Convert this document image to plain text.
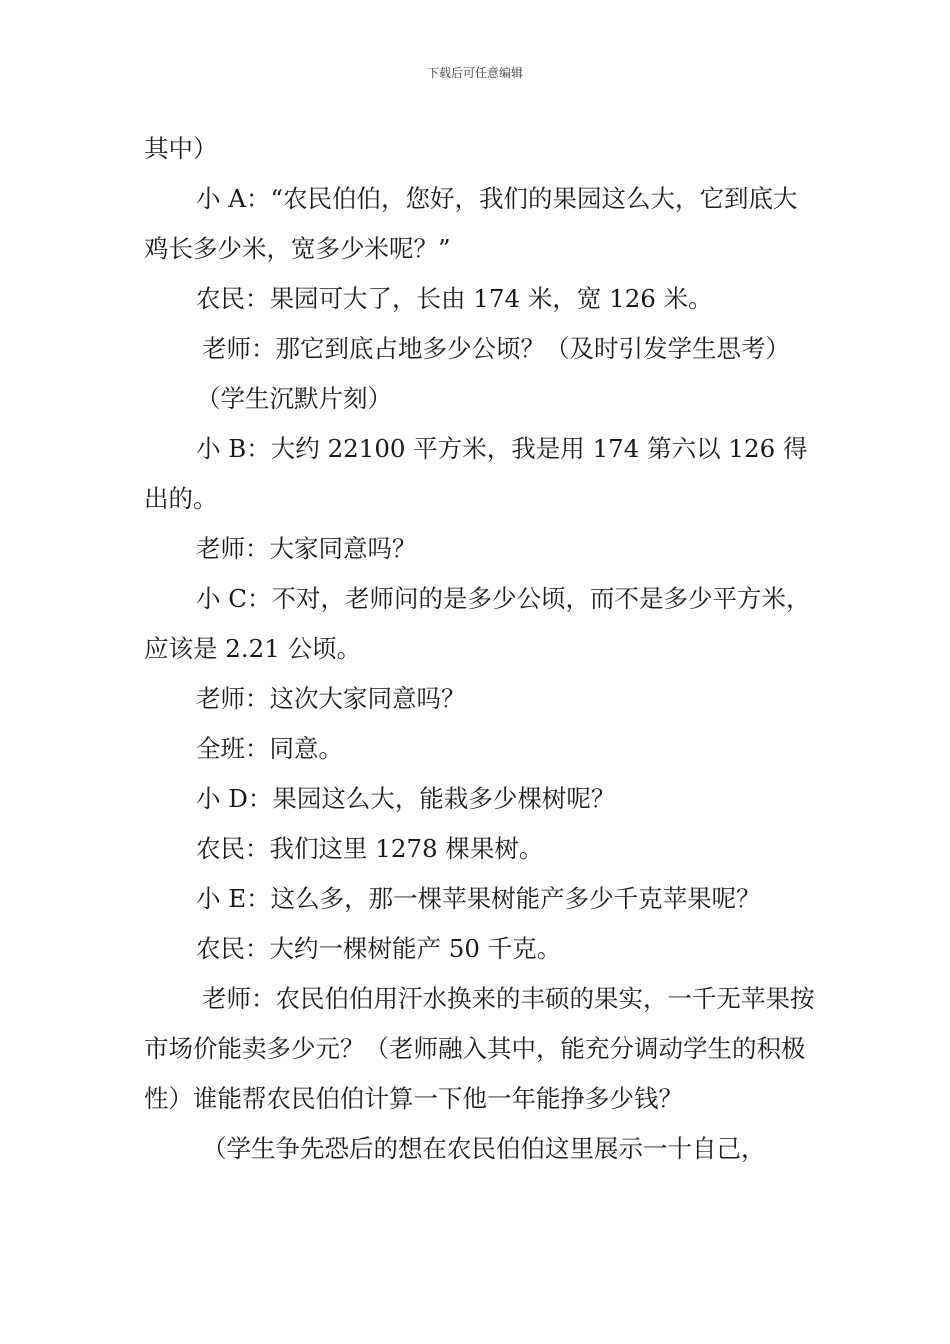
下载后可任意编辑

其中）

小 A：“农民伯伯，您好，我们的果园这么大，它到底大鸡长多少米，宽多少米呢？”

农民：果园可大了，长由 174 米，宽 126 米。

老师：那它到底占地多少公顷？（及时引发学生思考）

（学生沉默片刻）

小 B：大约 22100 平方米，我是用 174 第六以 126 得出的。

老师：大家同意吗？

小 C：不对，老师问的是多少公顷，而不是多少平方米，应该是 2.21 公顷。

老师：这次大家同意吗？

全班：同意。

小 D：果园这么大，能栽多少棵树呢？

农民：我们这里 1278 棵果树。

小 E：这么多，那一棵苹果树能产多少千克苹果呢？

农民：大约一棵树能产 50 千克。

老师：农民伯伯用汗水换来的丰硕的果实，一千无苹果按市场价能卖多少元？（老师融入其中，能充分调动学生的积极性）谁能帮农民伯伯计算一下他一年能挣多少钱？

（学生争先恐后的想在农民伯伯这里展示一十自己，
